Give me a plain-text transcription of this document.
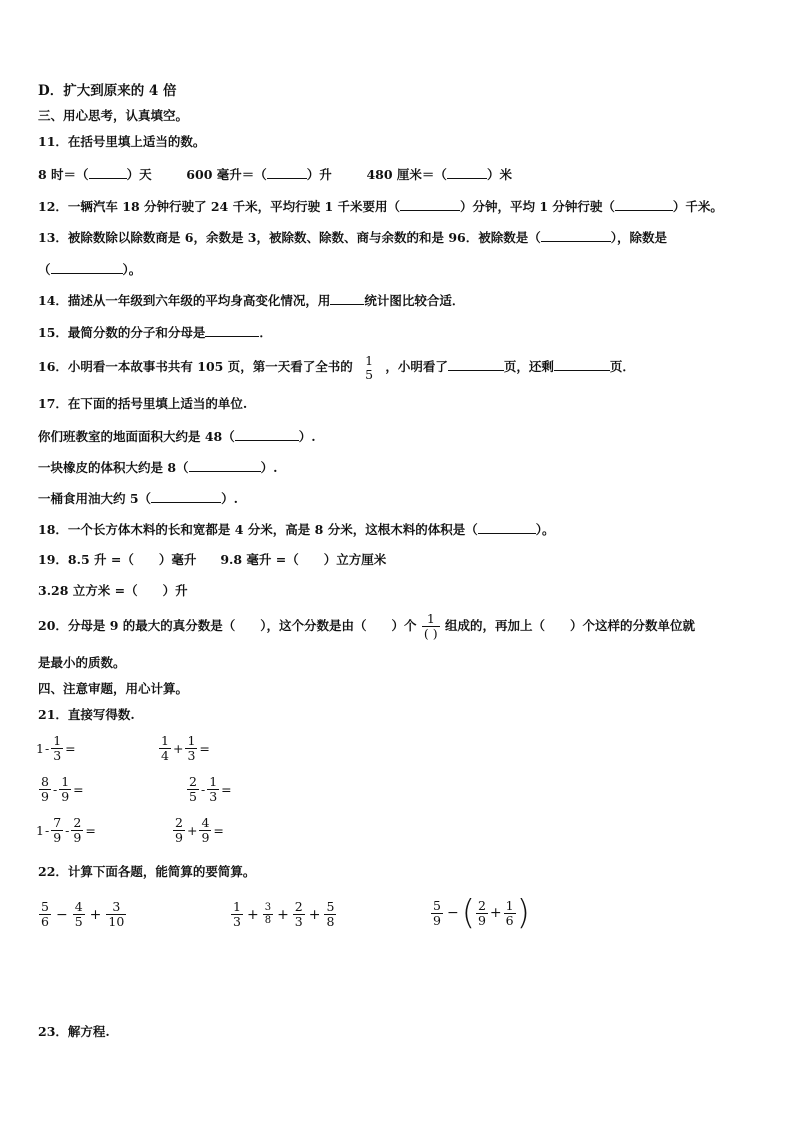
D．扩大到原来的 4 倍
三、用心思考，认真填空。
11．在括号里填上适当的数。
8 时＝（	）天	600 毫升＝（	）升	480 厘米＝（	）米
12．一辆汽车 18 分钟行驶了 24 千米，平均行驶 1 千米要用（	）分钟，平均 1 分钟行驶（	）千米。
13．被除数除以除数商是 6，余数是 3，被除数、除数、商与余数的和是 96．被除数是（	），除数是
（	）。
14．描述从一年级到六年级的平均身高变化情况，用	统计图比较合适．
15．最简分数的分子和分母是	．
16．小明看一本故事书共有 105 页，第一天看了全书的 1
5 ，小明看了	页，还剩	页．
17．在下面的括号里填上适当的单位.
你们班教室的地面面积大约是 48（	）.
一块橡皮的体积大约是 8（	）.
一桶食用油大约 5（	）.
18．一个长方体木料的长和宽都是 4 分米，高是 8 分米，这根木料的体积是（	）。
19．8.5 升 =（　　）毫升 9.8 毫升 =（　　）立方厘米
3.28 立方米 =（　　）升
20．分母是 9 的最大的真分数是（　　），这个分数是由（　　）个 $\frac{1}{( )}$ 组成的，再加上（　　）个这样的分数单位就
是最小的质数。
四、注意审题，用心计算。
21．直接写得数.
$1 - \frac{1}{3}$ =	$\frac{1}{4} + \frac{1}{3}$ =
$\frac{8}{9} - \frac{1}{9}$ =	$\frac{2}{5} - \frac{1}{3}$ =
$1 - \frac{7}{9} - \frac{2}{9}$ =	$\frac{2}{9} + \frac{4}{9}$ =
22．计算下面各题，能简算的要简算。
$\frac{5}{6} - \frac{4}{5} + \frac{3}{10}$	$\frac{1}{3} + \frac{3}{8} + \frac{2}{3} + \frac{5}{8}$	$\frac{5}{9}$ − ( $\frac{2}{9} + \frac{1}{6}$ )
23．解方程.
